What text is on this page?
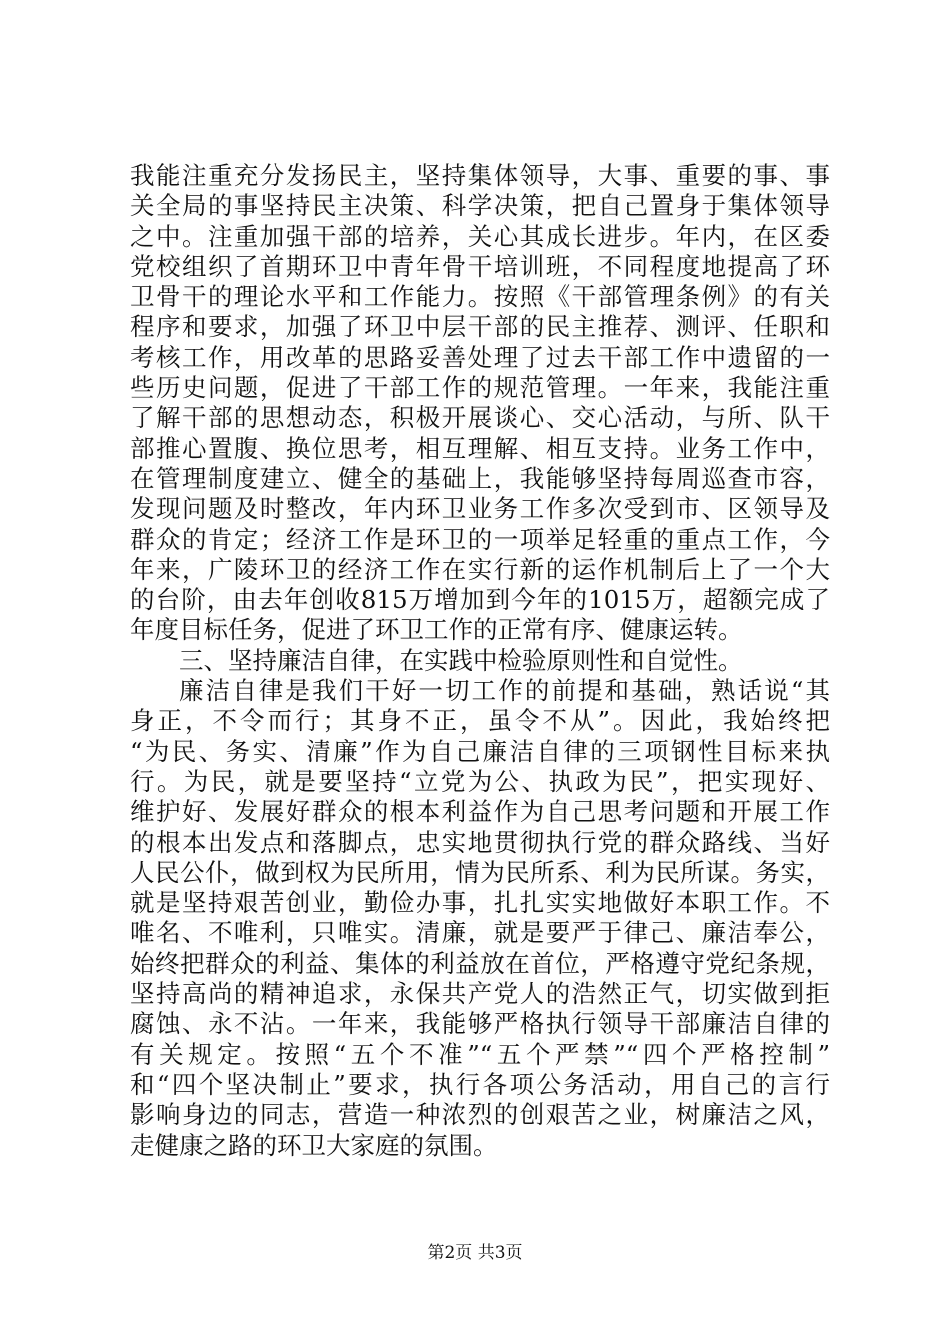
我能注重充分发扬民主，坚持集体领导，大事、重要的事、事
关全局的事坚持民主决策、科学决策，把自己置身于集体领导
之中。注重加强干部的培养，关心其成长进步。年内，在区委
党校组织了首期环卫中青年骨干培训班，不同程度地提高了环
卫骨干的理论水平和工作能力。按照《干部管理条例》的有关
程序和要求，加强了环卫中层干部的民主推荐、测评、任职和
考核工作，用改革的思路妥善处理了过去干部工作中遗留的一
些历史问题，促进了干部工作的规范管理。一年来，我能注重
了解干部的思想动态，积极开展谈心、交心活动，与所、队干
部推心置腹、换位思考，相互理解、相互支持。业务工作中，
在管理制度建立、健全的基础上，我能够坚持每周巡查市容，
发现问题及时整改，年内环卫业务工作多次受到市、区领导及
群众的肯定；经济工作是环卫的一项举足轻重的重点工作，今
年来，广陵环卫的经济工作在实行新的运作机制后上了一个大
的台阶，由去年创收815万增加到今年的1015万，超额完成了
年度目标任务，促进了环卫工作的正常有序、健康运转。
三、坚持廉洁自律，在实践中检验原则性和自觉性。
廉洁自律是我们干好一切工作的前提和基础，熟话说“其
身正，不令而行；其身不正，虽令不从”。因此，我始终把
“为民、务实、清廉”作为自己廉洁自律的三项钢性目标来执
行。为民，就是要坚持“立党为公、执政为民”，把实现好、
维护好、发展好群众的根本利益作为自己思考问题和开展工作
的根本出发点和落脚点，忠实地贯彻执行党的群众路线、当好
人民公仆，做到权为民所用，情为民所系、利为民所谋。务实，
就是坚持艰苦创业，勤俭办事，扎扎实实地做好本职工作。不
唯名、不唯利，只唯实。清廉，就是要严于律己、廉洁奉公，
始终把群众的利益、集体的利益放在首位，严格遵守党纪条规，
坚持高尚的精神追求，永保共产党人的浩然正气，切实做到拒
腐蚀、永不沾。一年来，我能够严格执行领导干部廉洁自律的
有关规定。按照“五个不准”“五个严禁”“四个严格控制”
和“四个坚决制止”要求，执行各项公务活动，用自己的言行
影响身边的同志，营造一种浓烈的创艰苦之业，树廉洁之风，
走健康之路的环卫大家庭的氛围。
第2页 共3页
